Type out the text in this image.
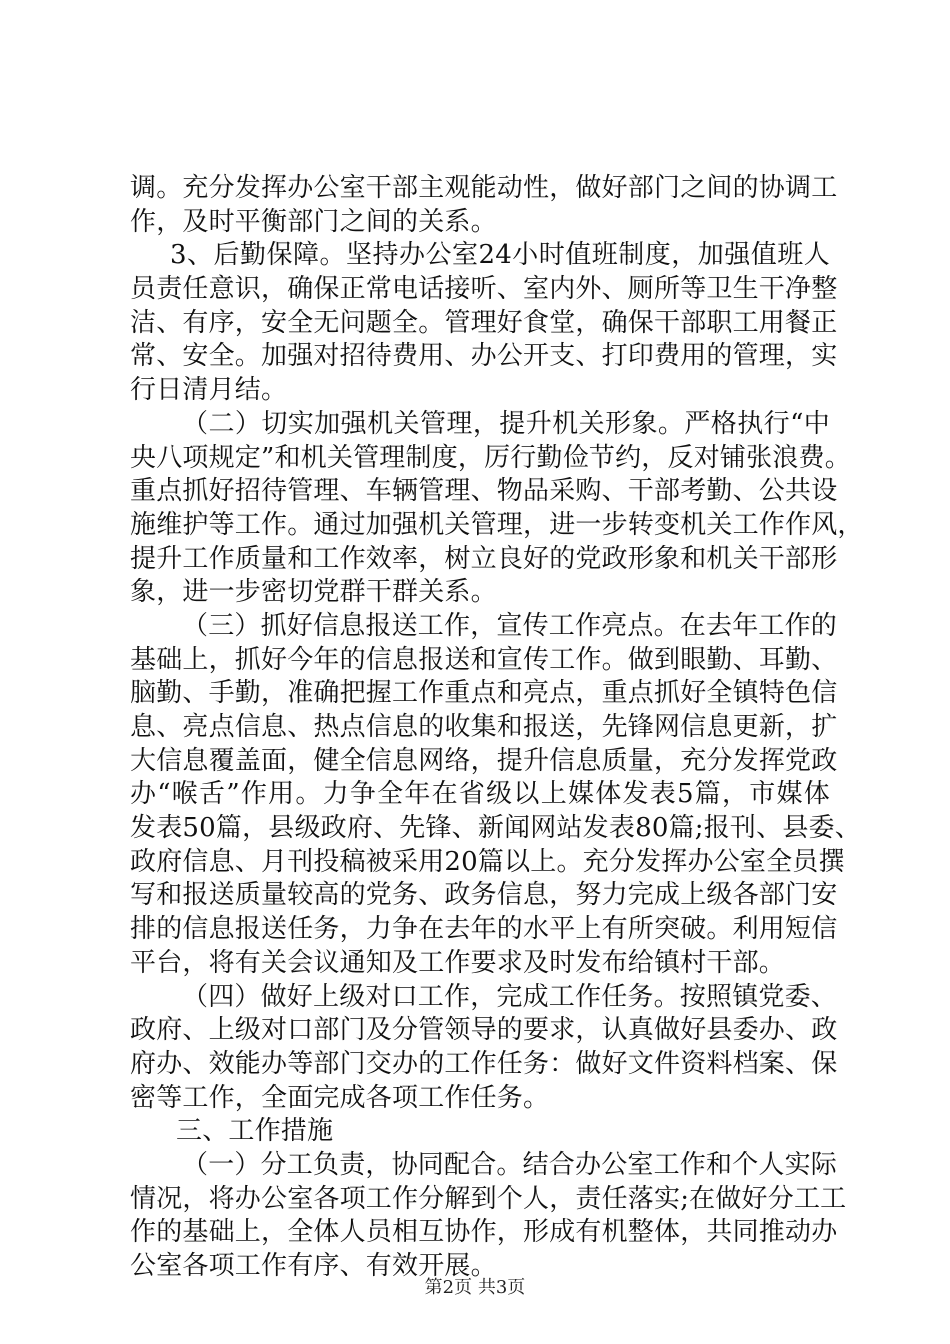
调。充分发挥办公室干部主观能动性，做好部门之间的协调工
作，及时平衡部门之间的关系。
3、后勤保障。坚持办公室24小时值班制度，加强值班人
员责任意识，确保正常电话接听、室内外、厕所等卫生干净整
洁、有序，安全无问题全。管理好食堂，确保干部职工用餐正
常、安全。加强对招待费用、办公开支、打印费用的管理，实
行日清月结。
（二）切实加强机关管理，提升机关形象。严格执行“中
央八项规定”和机关管理制度，厉行勤俭节约，反对铺张浪费。
重点抓好招待管理、车辆管理、物品采购、干部考勤、公共设
施维护等工作。通过加强机关管理，进一步转变机关工作作风，
提升工作质量和工作效率，树立良好的党政形象和机关干部形
象，进一步密切党群干群关系。
（三）抓好信息报送工作，宣传工作亮点。在去年工作的
基础上，抓好今年的信息报送和宣传工作。做到眼勤、耳勤、
脑勤、手勤，准确把握工作重点和亮点，重点抓好全镇特色信
息、亮点信息、热点信息的收集和报送，先锋网信息更新，扩
大信息覆盖面，健全信息网络，提升信息质量，充分发挥党政
办“喉舌”作用。力争全年在省级以上媒体发表5篇，市媒体
发表50篇，县级政府、先锋、新闻网站发表80篇;报刊、县委、
政府信息、月刊投稿被采用20篇以上。充分发挥办公室全员撰
写和报送质量较高的党务、政务信息，努力完成上级各部门安
排的信息报送任务，力争在去年的水平上有所突破。利用短信
平台，将有关会议通知及工作要求及时发布给镇村干部。
（四）做好上级对口工作，完成工作任务。按照镇党委、
政府、上级对口部门及分管领导的要求，认真做好县委办、政
府办、效能办等部门交办的工作任务：做好文件资料档案、保
密等工作，全面完成各项工作任务。
三、工作措施
（一）分工负责，协同配合。结合办公室工作和个人实际
情况，将办公室各项工作分解到个人，责任落实;在做好分工工
作的基础上，全体人员相互协作，形成有机整体，共同推动办
公室各项工作有序、有效开展。
第2页 共3页
